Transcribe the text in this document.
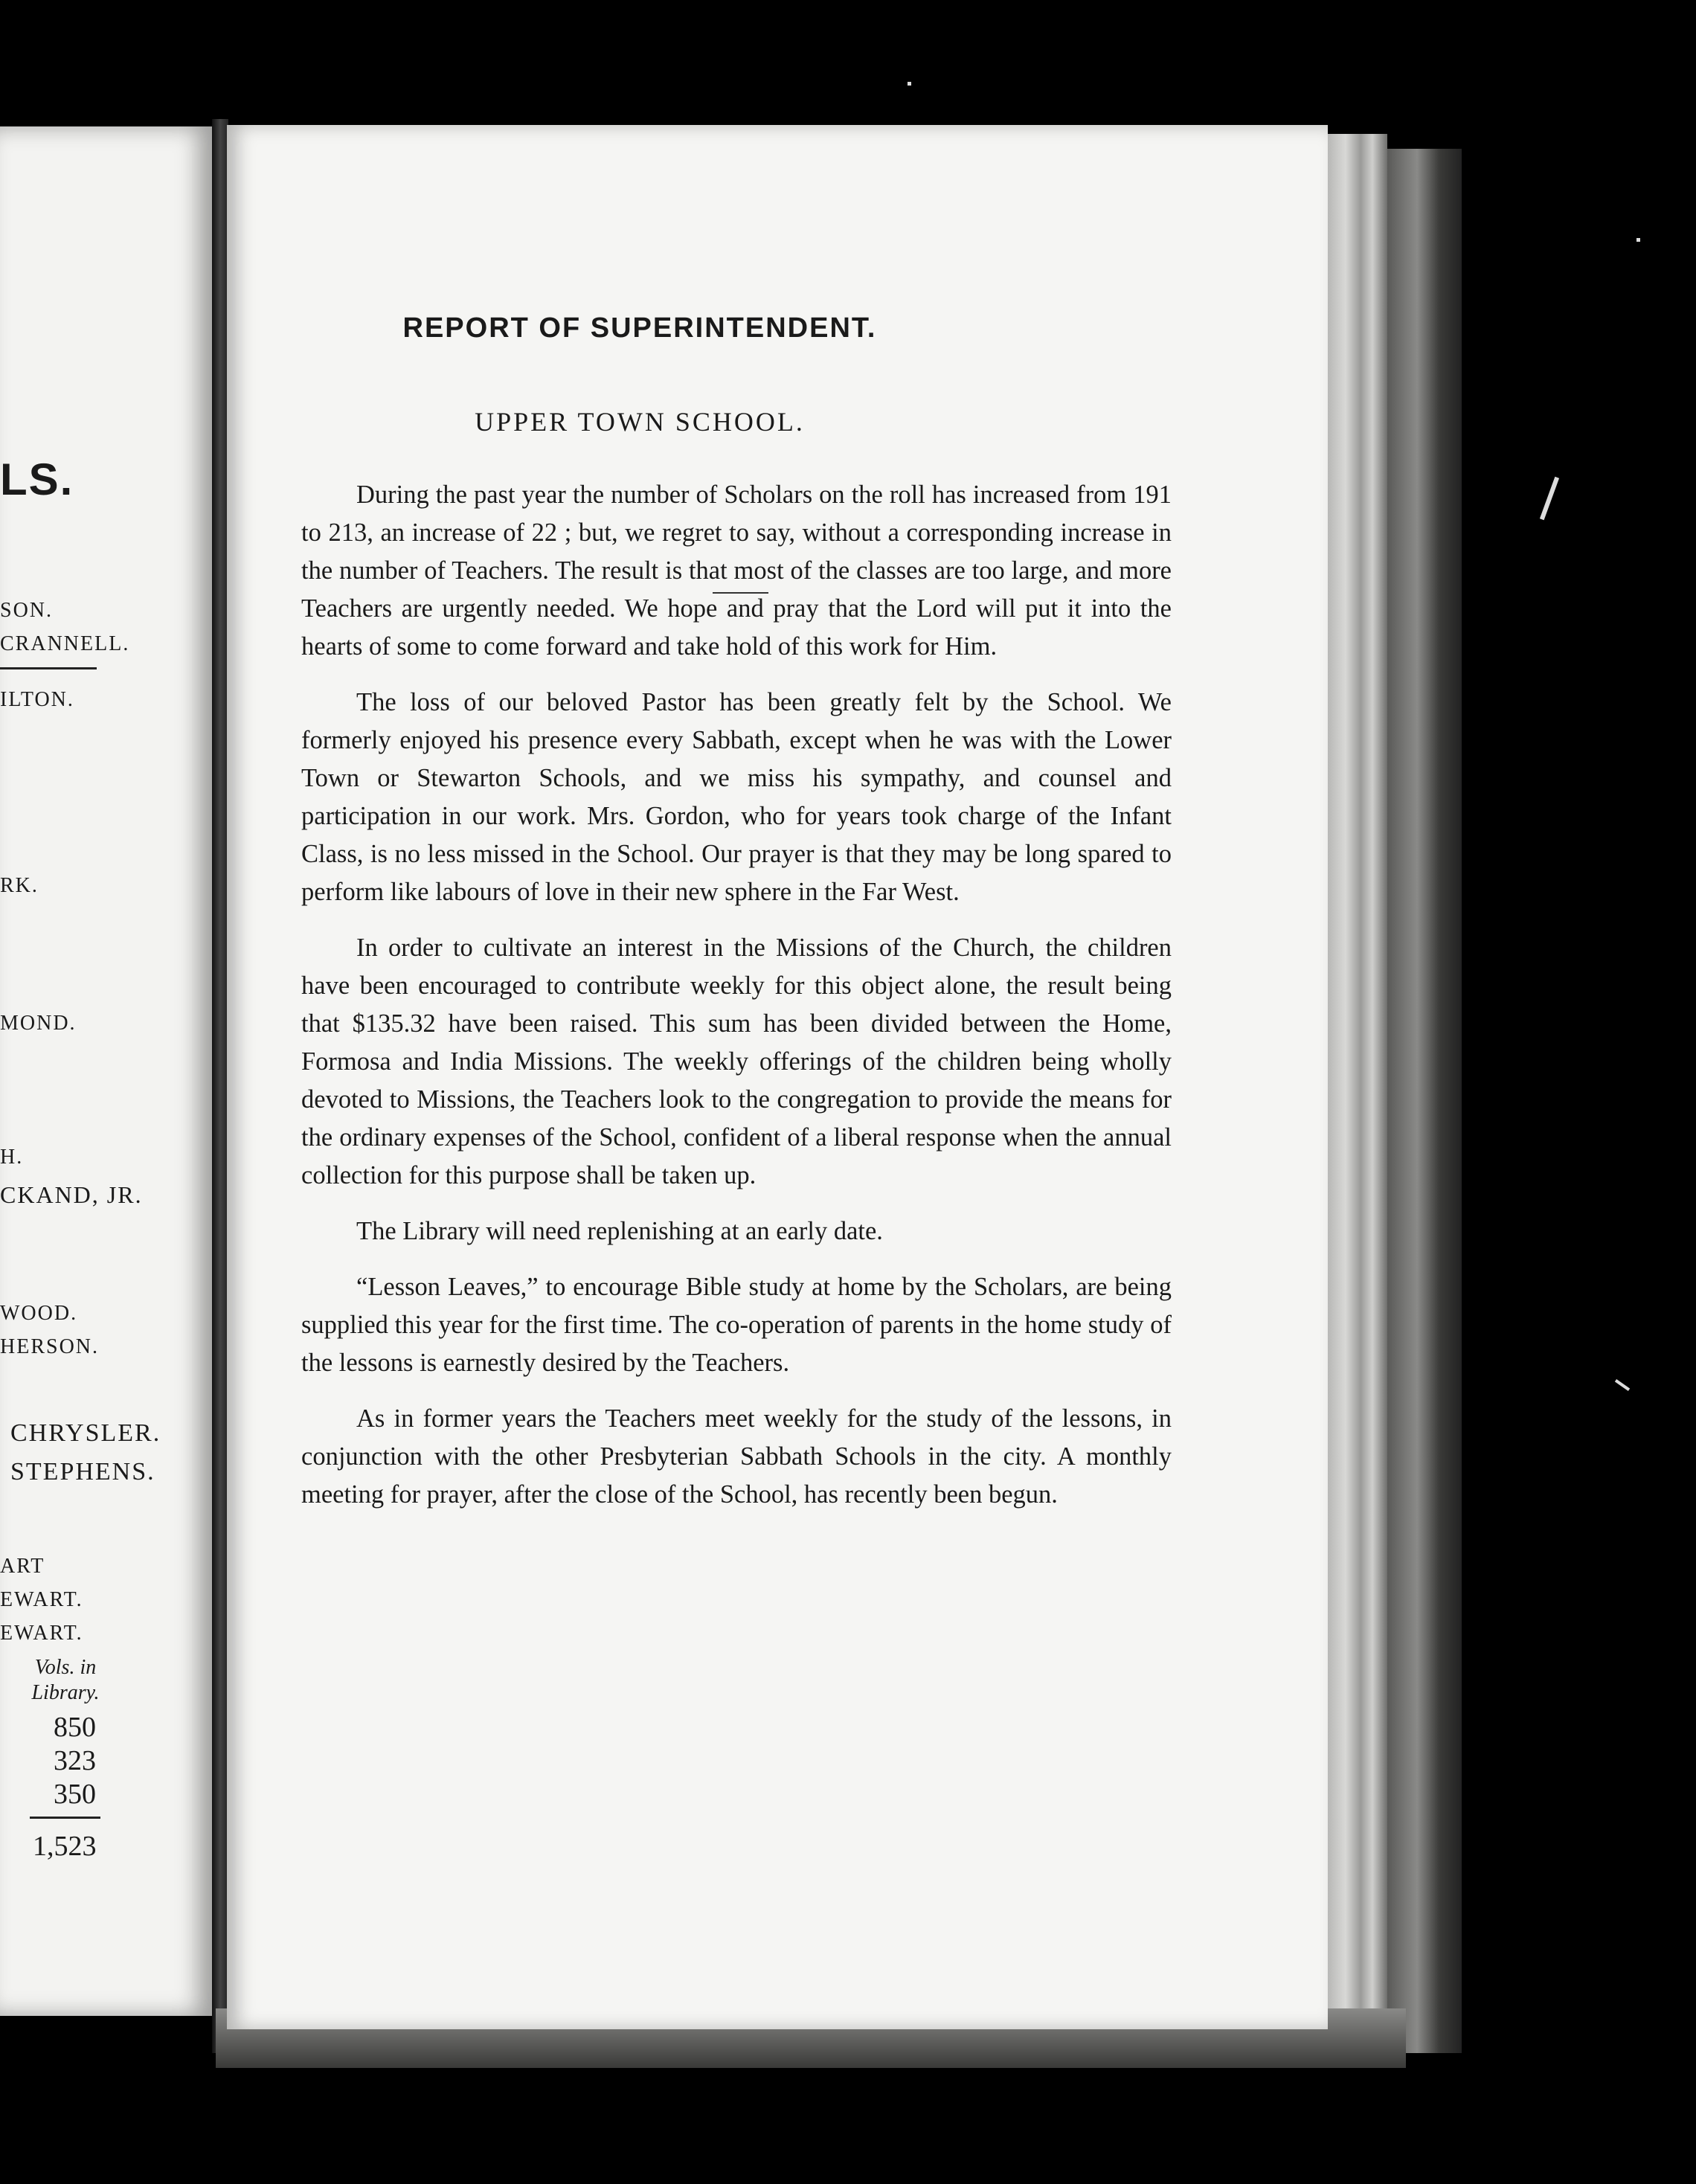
LS.
SON.
CRANNELL.
ILTON.
RK.
MOND.
H.
CKAND, JR.
WOOD.
HERSON.
CHRYSLER.
STEPHENS.
ART
EWART.
EWART.
Vols. in Library.
850
323
350
1,523
REPORT OF SUPERINTENDENT.
UPPER TOWN SCHOOL.

During the past year the number of Scholars on the roll has increased from 191 to 213, an increase of 22 ; but, we regret to say, without a corresponding increase in the number of Teachers. The result is that most of the classes are too large, and more Teachers are urgently needed. We hope and pray that the Lord will put it into the hearts of some to come forward and take hold of this work for Him.

The loss of our beloved Pastor has been greatly felt by the School. We formerly enjoyed his presence every Sabbath, except when he was with the Lower Town or Stewarton Schools, and we miss his sympathy, and counsel and participation in our work. Mrs. Gordon, who for years took charge of the Infant Class, is no less missed in the School. Our prayer is that they may be long spared to perform like labours of love in their new sphere in the Far West.

In order to cultivate an interest in the Missions of the Church, the children have been encouraged to contribute weekly for this object alone, the result being that $135.32 have been raised. This sum has been divided between the Home, Formosa and India Missions. The weekly offerings of the children being wholly devoted to Missions, the Teachers look to the congregation to provide the means for the ordinary expenses of the School, confident of a liberal response when the annual collection for this purpose shall be taken up.

The Library will need replenishing at an early date.

“Lesson Leaves,” to encourage Bible study at home by the Scholars, are being supplied this year for the first time. The co-operation of parents in the home study of the lessons is earnestly desired by the Teachers.

As in former years the Teachers meet weekly for the study of the lessons, in conjunction with the other Presbyterian Sabbath Schools in the city. A monthly meeting for prayer, after the close of the School, has recently been begun.
